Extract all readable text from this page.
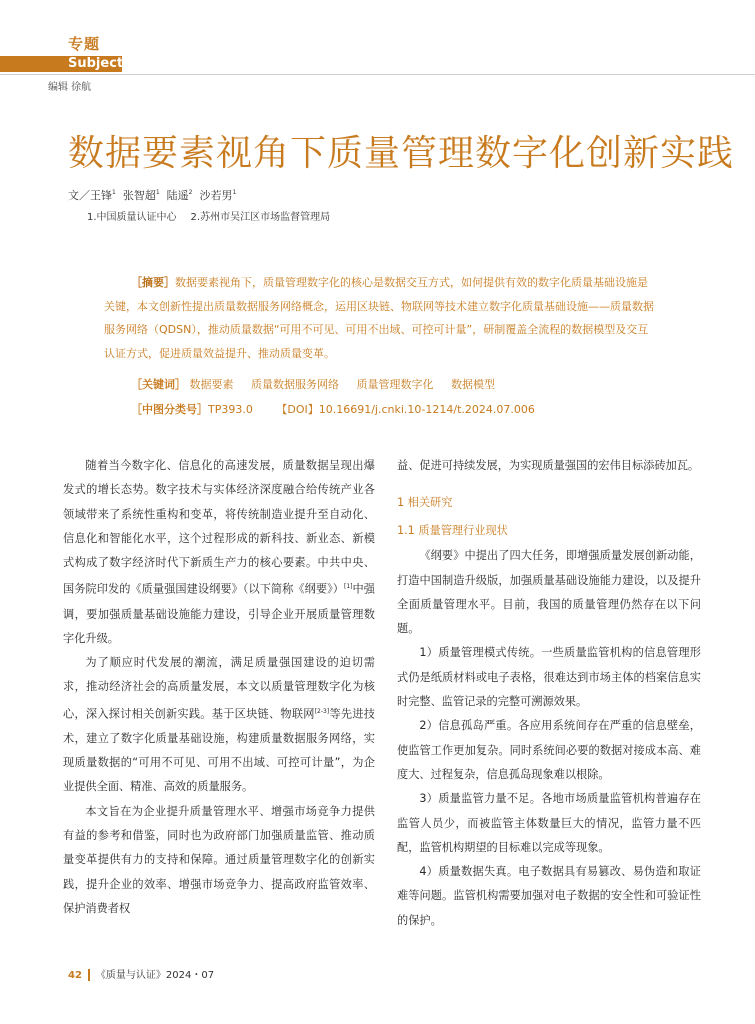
专题
Subject
编辑 徐航
数据要素视角下质量管理数字化创新实践
文／王锋$^1$ 张智超$^1$ 陆遥$^2$ 沙若男$^1$
1.中国质量认证中心 2.苏州市吴江区市场监督管理局
［摘要］数据要素视角下，质量管理数字化的核心是数据交互方式，如何提供有效的数字化质量基础设施是关键，本文创新性提出质量数据服务网络概念，运用区块链、物联网等技术建立数字化质量基础设施——质量数据服务网络（QDSN），推动质量数据“可用不可见、可用不出域、可控可计量”，研制覆盖全流程的数据模型及交互认证方式，促进质量效益提升、推动质量变革。
［关键词］ 数据要素 质量数据服务网络 质量管理数字化 数据模型
［中图分类号］TP393.0 【DOI】10.16691/j.cnki.10-1214/t.2024.07.006

随着当今数字化、信息化的高速发展，质量数据呈现出爆发式的增长态势。数字技术与实体经济深度融合给传统产业各领域带来了系统性重构和变革，将传统制造业提升至自动化、信息化和智能化水平，这个过程形成的新科技、新业态、新模式构成了数字经济时代下新质生产力的核心要素。中共中央、国务院印发的《质量强国建设纲要》（以下简称《纲要》）[1]中强调，要加强质量基础设施能力建设，引导企业开展质量管理数字化升级。

为了顺应时代发展的潮流，满足质量强国建设的迫切需求，推动经济社会的高质量发展，本文以质量管理数字化为核心，深入探讨相关创新实践。基于区块链、物联网[2-3]等先进技术，建立了数字化质量基础设施，构建质量数据服务网络，实现质量数据的“可用不可见、可用不出域、可控可计量”，为企业提供全面、精准、高效的质量服务。

本文旨在为企业提升质量管理水平、增强市场竞争力提供有益的参考和借鉴，同时也为政府部门加强质量监管、推动质量变革提供有力的支持和保障。通过质量管理数字化的创新实践，提升企业的效率、增强市场竞争力、提高政府监管效率、保护消费者权

益、促进可持续发展，为实现质量强国的宏伟目标添砖加瓦。

1 相关研究

1.1 质量管理行业现状

《纲要》中提出了四大任务，即增强质量发展创新动能，打造中国制造升级版，加强质量基础设施能力建设，以及提升全面质量管理水平。目前，我国的质量管理仍然存在以下问题。

1）质量管理模式传统。一些质量监管机构的信息管理形式仍是纸质材料或电子表格，很难达到市场主体的档案信息实时完整、监管记录的完整可溯源效果。

2）信息孤岛严重。各应用系统间存在严重的信息壁垒，使监管工作更加复杂。同时系统间必要的数据对接成本高、难度大、过程复杂，信息孤岛现象难以根除。

3）质量监管力量不足。各地市场质量监管机构普遍存在监管人员少，而被监管主体数量巨大的情况，监管力量不匹配，监管机构期望的目标难以完成等现象。

4）质量数据失真。电子数据具有易篡改、易伪造和取证难等问题。监管机构需要加强对电子数据的安全性和可验证性的保护。

42 《质量与认证》2024・07
